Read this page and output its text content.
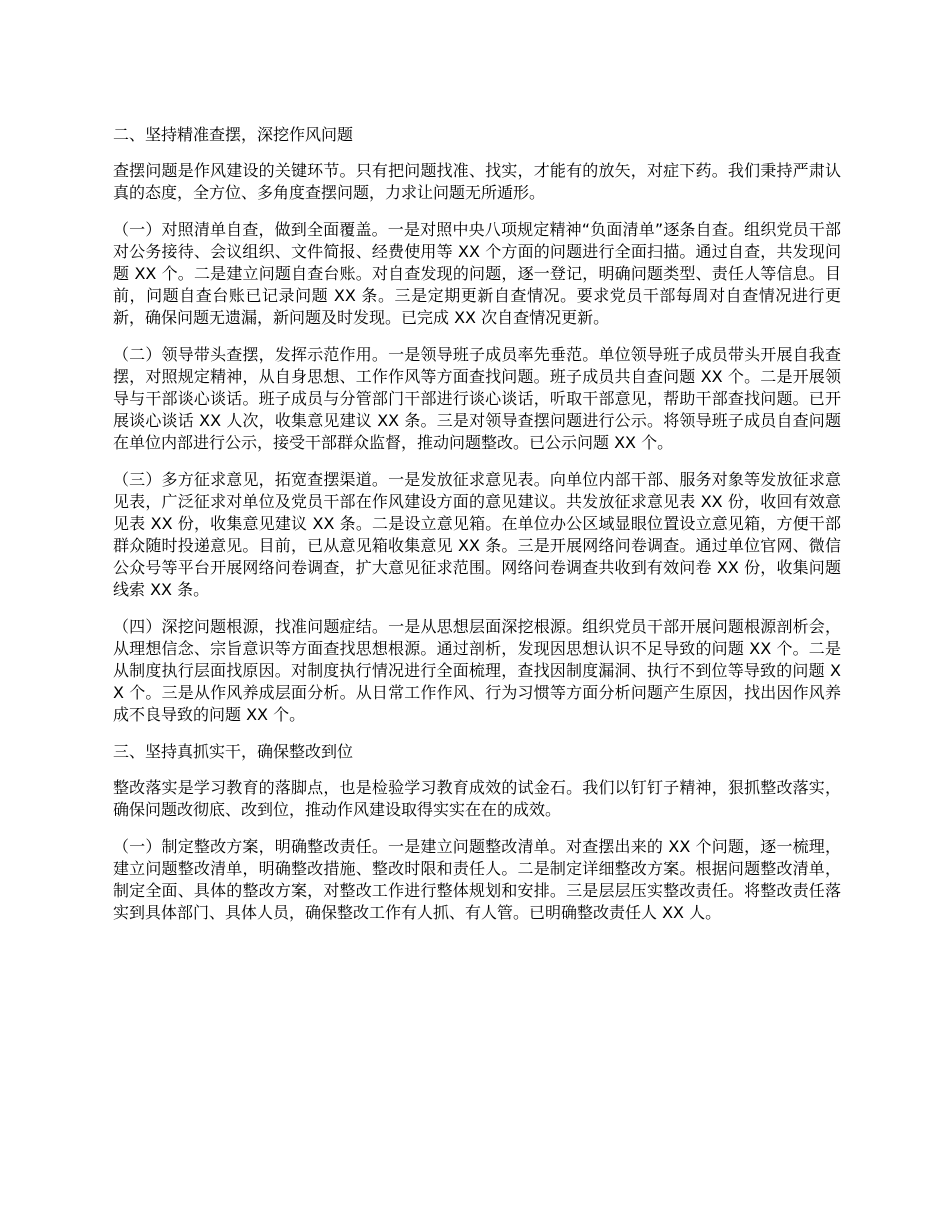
二、坚持精准查摆，深挖作风问题

查摆问题是作风建设的关键环节。只有把问题找准、找实，才能有的放矢，对症下药。我们秉持严肃认真的态度，全方位、多角度查摆问题，力求让问题无所遁形。

（一）对照清单自查，做到全面覆盖。一是对照中央八项规定精神“负面清单”逐条自查。组织党员干部对公务接待、会议组织、文件简报、经费使用等 XX 个方面的问题进行全面扫描。通过自查，共发现问题 XX 个。二是建立问题自查台账。对自查发现的问题，逐一登记，明确问题类型、责任人等信息。目前，问题自查台账已记录问题 XX 条。三是定期更新自查情况。要求党员干部每周对自查情况进行更新，确保问题无遗漏，新问题及时发现。已完成 XX 次自查情况更新。

（二）领导带头查摆，发挥示范作用。一是领导班子成员率先垂范。单位领导班子成员带头开展自我查摆，对照规定精神，从自身思想、工作作风等方面查找问题。班子成员共自查问题 XX 个。二是开展领导与干部谈心谈话。班子成员与分管部门干部进行谈心谈话，听取干部意见，帮助干部查找问题。已开展谈心谈话 XX 人次，收集意见建议 XX 条。三是对领导查摆问题进行公示。将领导班子成员自查问题在单位内部进行公示，接受干部群众监督，推动问题整改。已公示问题 XX 个。

（三）多方征求意见，拓宽查摆渠道。一是发放征求意见表。向单位内部干部、服务对象等发放征求意见表，广泛征求对单位及党员干部在作风建设方面的意见建议。共发放征求意见表 XX 份，收回有效意见表 XX 份，收集意见建议 XX 条。二是设立意见箱。在单位办公区域显眼位置设立意见箱，方便干部群众随时投递意见。目前，已从意见箱收集意见 XX 条。三是开展网络问卷调查。通过单位官网、微信公众号等平台开展网络问卷调查，扩大意见征求范围。网络问卷调查共收到有效问卷 XX 份，收集问题线索 XX 条。

（四）深挖问题根源，找准问题症结。一是从思想层面深挖根源。组织党员干部开展问题根源剖析会，从理想信念、宗旨意识等方面查找思想根源。通过剖析，发现因思想认识不足导致的问题 XX 个。二是从制度执行层面找原因。对制度执行情况进行全面梳理，查找因制度漏洞、执行不到位等导致的问题 XX 个。三是从作风养成层面分析。从日常工作作风、行为习惯等方面分析问题产生原因，找出因作风养成不良导致的问题 XX 个。

三、坚持真抓实干，确保整改到位

整改落实是学习教育的落脚点，也是检验学习教育成效的试金石。我们以钉钉子精神，狠抓整改落实，确保问题改彻底、改到位，推动作风建设取得实实在在的成效。

（一）制定整改方案，明确整改责任。一是建立问题整改清单。对查摆出来的 XX 个问题，逐一梳理，建立问题整改清单，明确整改措施、整改时限和责任人。二是制定详细整改方案。根据问题整改清单，制定全面、具体的整改方案，对整改工作进行整体规划和安排。三是层层压实整改责任。将整改责任落实到具体部门、具体人员，确保整改工作有人抓、有人管。已明确整改责任人 XX 人。
